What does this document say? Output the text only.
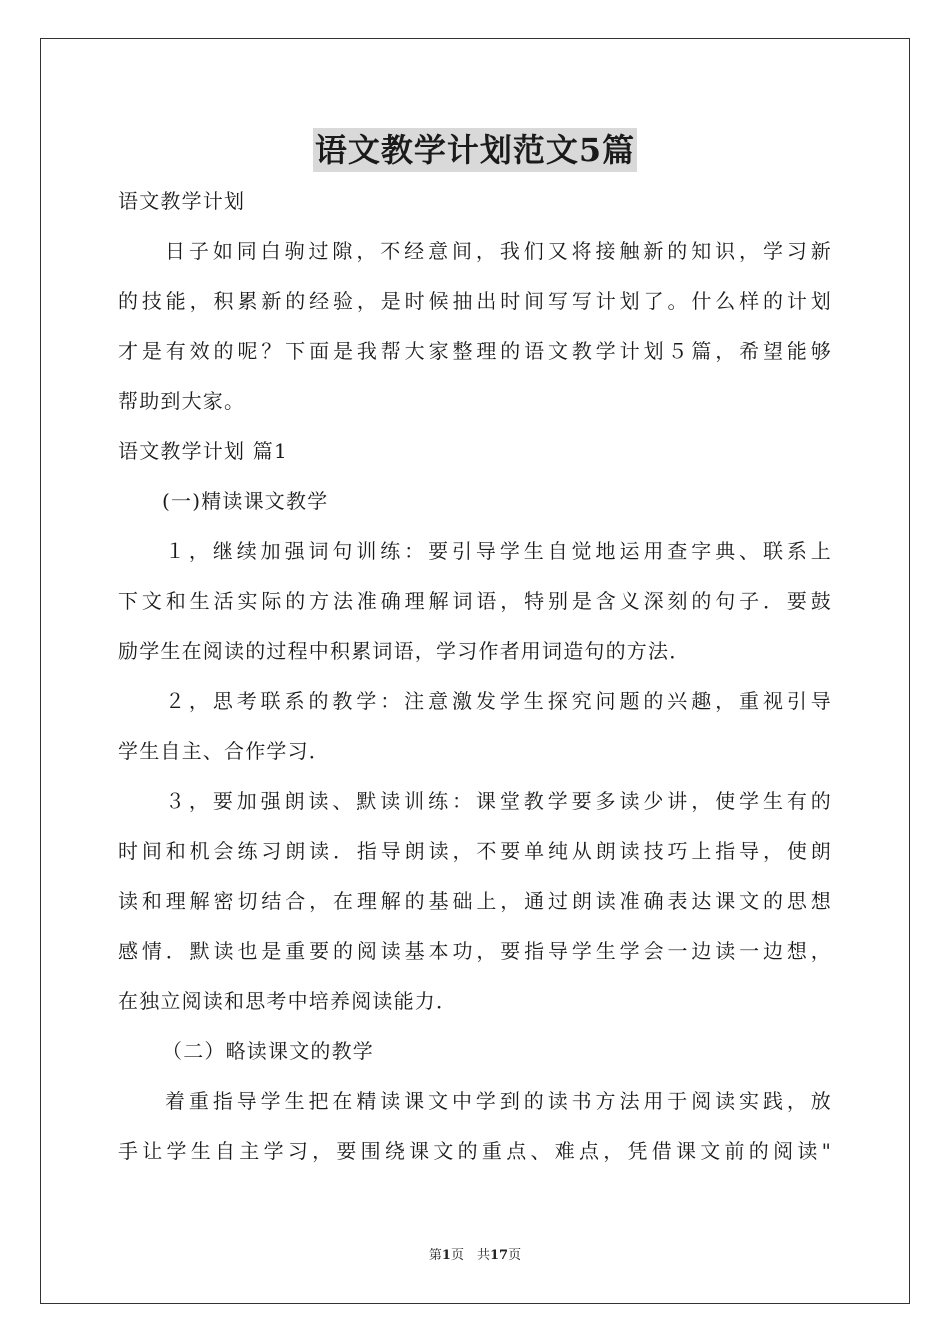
语文教学计划范文5篇
语文教学计划
日子如同白驹过隙，不经意间，我们又将接触新的知识，学习新
的技能，积累新的经验，是时候抽出时间写写计划了。什么样的计划
才是有效的呢？下面是我帮大家整理的语文教学计划５篇，希望能够
帮助到大家。
语文教学计划 篇1
(一)精读课文教学
１，继续加强词句训练：要引导学生自觉地运用查字典、联系上
下文和生活实际的方法准确理解词语，特别是含义深刻的句子．要鼓
励学生在阅读的过程中积累词语，学习作者用词造句的方法．
２，思考联系的教学：注意激发学生探究问题的兴趣，重视引导
学生自主、合作学习．
３，要加强朗读、默读训练：课堂教学要多读少讲，使学生有的
时间和机会练习朗读．指导朗读，不要单纯从朗读技巧上指导，使朗
读和理解密切结合，在理解的基础上，通过朗读准确表达课文的思想
感情．默读也是重要的阅读基本功，要指导学生学会一边读一边想，
在独立阅读和思考中培养阅读能力．
（二）略读课文的教学
着重指导学生把在精读课文中学到的读书方法用于阅读实践，放
手让学生自主学习，要围绕课文的重点、难点，凭借课文前的阅读"
第1页　共17页
